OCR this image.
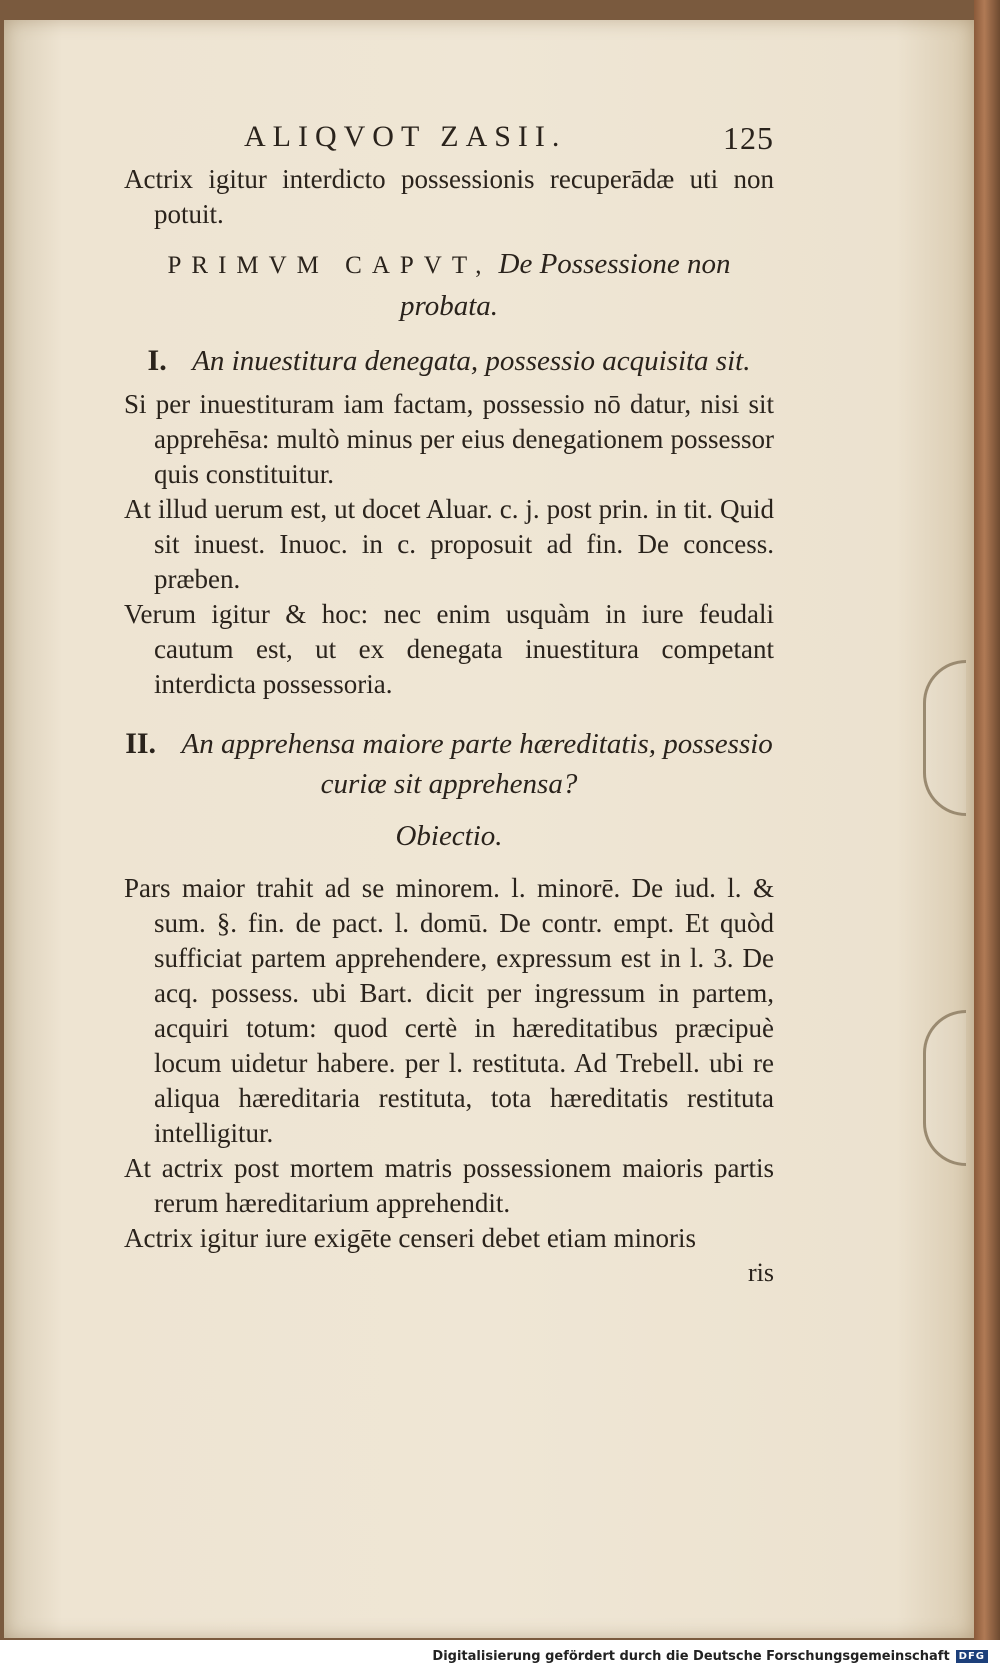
ALIQVOT ZASII.	125

Actrix igitur interdicto possessionis recuperādæ uti non potuit.

PRIMVM CAPVT, De Possessione non probata.
I. An inuestitura denegata, possessio acquisita sit.

Si per inuestituram iam factam, possessio nō datur, nisi sit apprehēsa: multò minus per eius denegationem possessor quis constituitur.

At illud uerum est, ut docet Aluar. c. j. post prin. in tit. Quid sit inuest. Inuoc. in c. proposuit ad fin. De concess. præben.

Verum igitur & hoc: nec enim usquàm in iure feudali cautum est, ut ex denegata inuestitura competant interdicta possessoria.

II. An apprehensa maiore parte hæreditatis, possessio curiæ sit apprehensa?
Obiectio.

Pars maior trahit ad se minorem. l. minorē. De iud. l. & sum. §. fin. de pact. l. domū. De contr. empt. Et quòd sufficiat partem apprehendere, expressum est in l. 3. De acq. possess. ubi Bart. dicit per ingressum in partem, acquiri totum: quod certè in hæreditatibus præcipuè locum uidetur habere. per l. restituta. Ad Trebell. ubi re aliqua hæreditaria restituta, tota hæreditatis restituta intelligitur.

At actrix post mortem matris possessionem maioris partis rerum hæreditarium apprehendit.

Actrix igitur iure exigēte censeri debet etiam minoris

ris
Digitalisierung gefördert durch die Deutsche Forschungsgemeinschaft DFG
